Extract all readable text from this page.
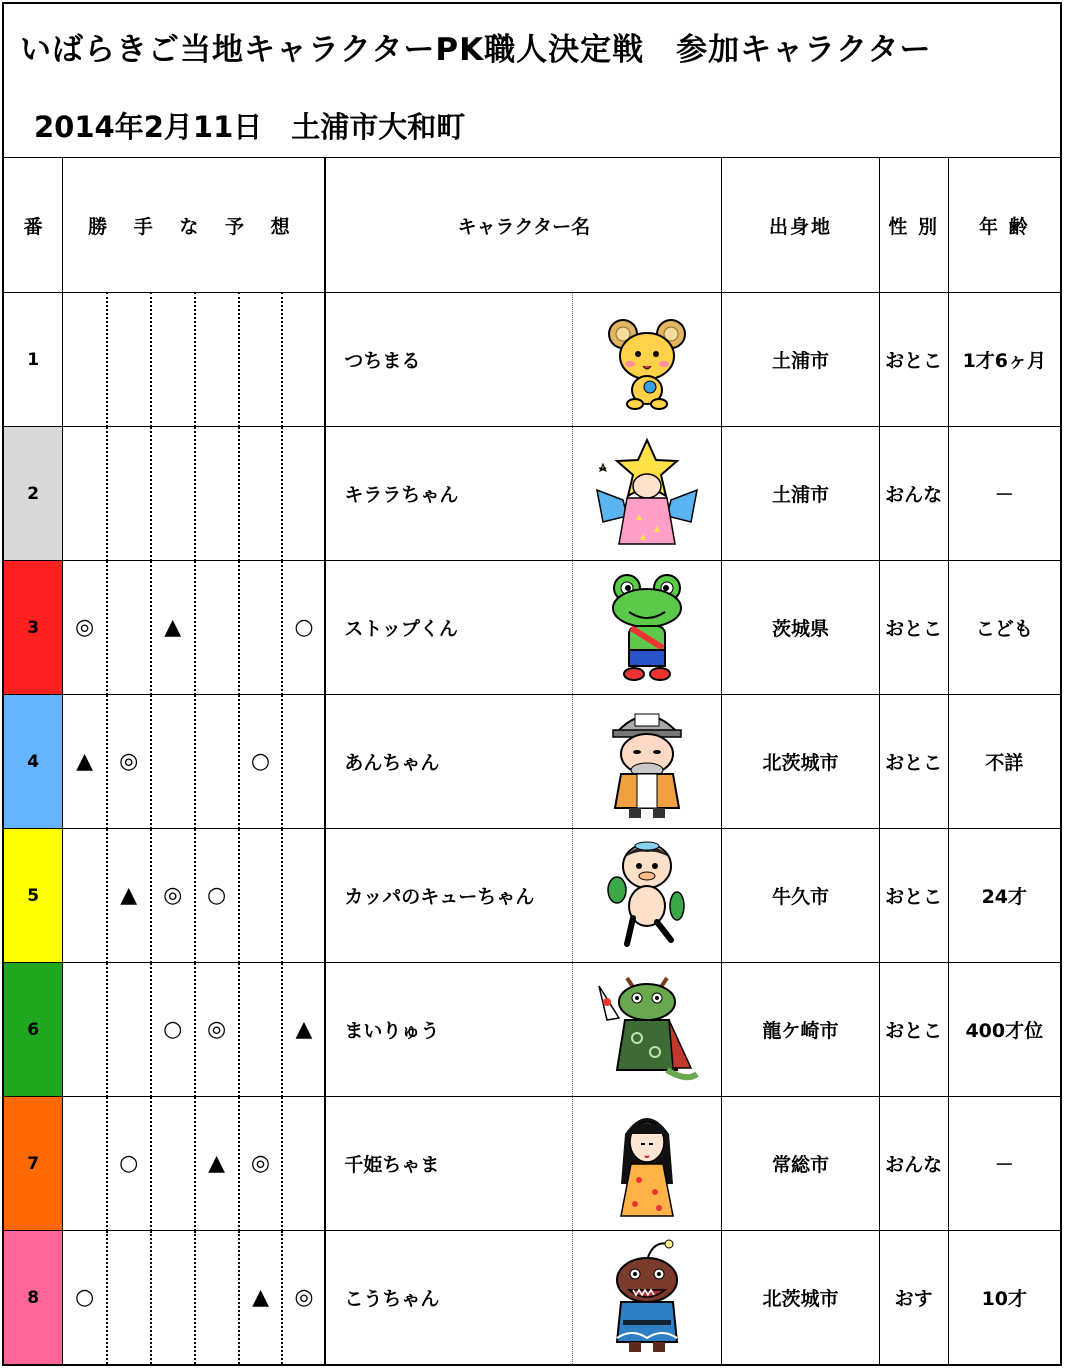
いばらきご当地キャラクターPK職人決定戦　参加キャラクター
2014年2月11日　土浦市大和町
番	勝 手 な 予 想						キャラクター名		出身地	性 別	年 齢
1							つちまる		土浦市	おとこ	1才6ヶ月
2							キララちゃん		土浦市	おんな	－
3	◎		▲			○	ストップくん		茨城県	おとこ	こども
4	▲	◎			○		あんちゃん		北茨城市	おとこ	不詳
5		▲	◎	○			カッパのキューちゃん		牛久市	おとこ	24才
6			○	◎		▲	まいりゅう		龍ケ崎市	おとこ	400才位
7		○		▲	◎		千姫ちゃま		常総市	おんな	－
8	○				▲	◎	こうちゃん		北茨城市	おす	10才
